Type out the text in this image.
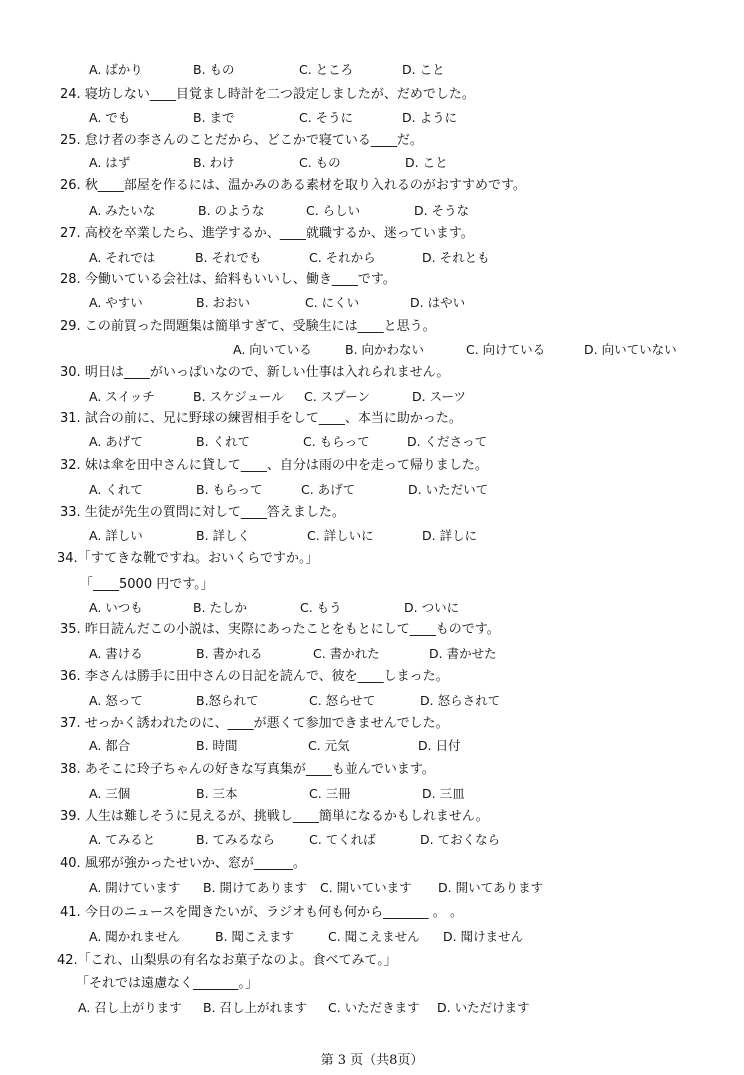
A. ばかり	B. もの	C. ところ	D. こと
24. 寝坊しない____目覚まし時計を二つ設定しましたが、だめでした。
A. でも	B. まで	C. そうに	D. ように
25. 怠け者の李さんのことだから、どこかで寝ている____だ。
A. はず	B. わけ	C. もの	D. こと
26. 秋____部屋を作るには、温かみのある素材を取り入れるのがおすすめです。
A. みたいな	B. のような	C. らしい	D. そうな
27. 高校を卒業したら、進学するか、____就職するか、迷っています。
A. それでは	B. それでも	C. それから	D. それとも
28. 今働いている会社は、給料もいいし、働き____です。
A. やすい	B. おおい	C. にくい	D. はやい
29. この前買った問題集は簡単すぎて、受験生には____と思う。
A. 向いている	B. 向かわない	C. 向けている	D. 向いていない
30. 明日は____がいっぱいなので、新しい仕事は入れられません。
A. スイッチ	B. スケジュール C. スプーン	D. スーツ
31. 試合の前に、兄に野球の練習相手をして____、本当に助かった。
A. あげて	B. くれて	C. もらって	D. くださって
32. 妹は傘を田中さんに貸して____、自分は雨の中を走って帰りました。
A. くれて	B. もらって	C. あげて	D. いただいて
33. 生徒が先生の質問に対して____答えました。
A. 詳しい	B. 詳しく	C. 詳しいに	D. 詳しに
34.「すてきな靴ですね。おいくらですか。」
「____5000 円です。」
A. いつも	B. たしか	C. もう	D. ついに
35. 昨日読んだこの小説は、実際にあったことをもとにして____ものです。
A. 書ける	B. 書かれる	C. 書かれた	D. 書かせた
36. 李さんは勝手に田中さんの日記を読んで、彼を____しまった。
A. 怒って	B.怒られて	C. 怒らせて	D. 怒らされて
37. せっかく誘われたのに、____が悪くて参加できませんでした。
A. 都合	B. 時間	C. 元気	D. 日付
38. あそこに玲子ちゃんの好きな写真集が____も並んでいます。
A. 三個	B. 三本	C. 三冊	D. 三皿
39. 人生は難しそうに見えるが、挑戦し____簡単になるかもしれません。
A. てみると	B. てみるなら	C. てくれば	D. ておくなら
40. 風邪が強かったせいか、窓が______。
A. 開けています B. 開けてあります C. 開いています D. 開いてあります
41. 今日のニュースを聞きたいが、ラジオも何も何から_______ 。 。
A. 聞かれません	B. 聞こえます	C. 聞こえません D. 聞けません
42.「これ、山梨県の有名なお菓子なのよ。食べてみて。」
「それでは遠慮なく_______。」
A. 召し上がります B. 召し上がれます C. いただきます D. いただけます
第 3 页（共8页）
